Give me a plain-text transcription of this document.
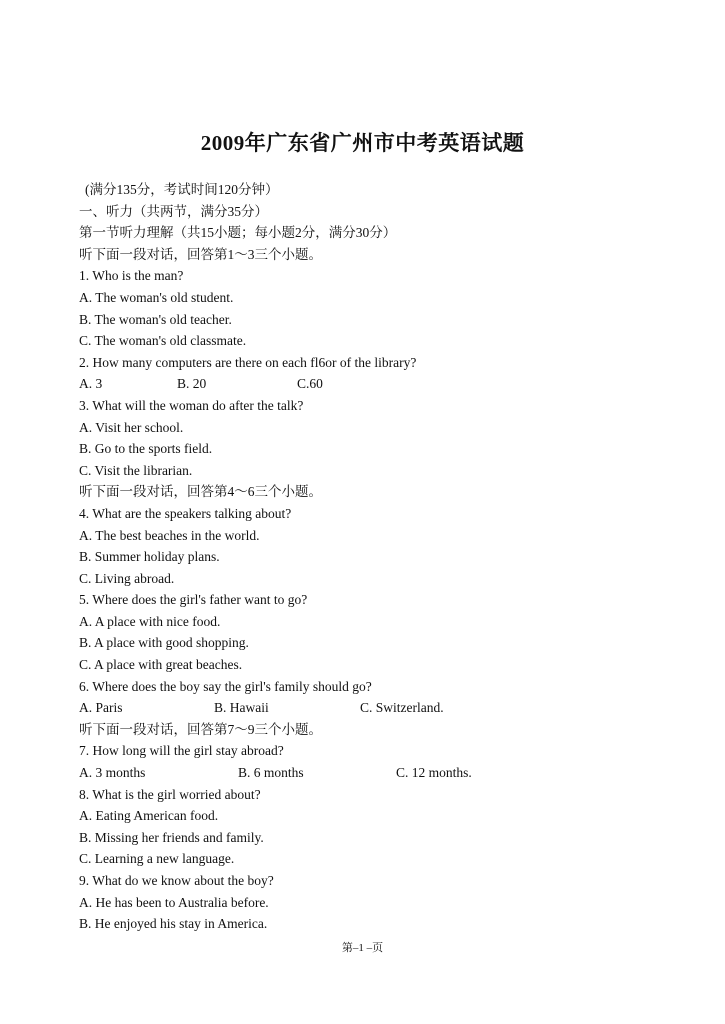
2009年广东省广州市中考英语试题
(满分135分，考试时间120分钟）
一、听力（共两节，满分35分）
第一节听力理解（共15小题；每小题2分，满分30分）
听下面一段对话，回答第1～3三个小题。
1. Who is the man?
A. The woman's old student.
B. The woman's old teacher.
C. The woman's old classmate.
2. How many computers are there on each fl6or of the library?
A. 3	B. 20	C.60
3. What will the woman do after the talk?
A. Visit her school.
B. Go to the sports field.
C. Visit the librarian.
听下面一段对话，回答第4～6三个小题。
4. What are the speakers talking about?
A. The best beaches in the world.
B. Summer holiday plans.
C. Living abroad.
5. Where does the girl's father want to go?
A. A place with nice food.
B. A place with good shopping.
C. A place with great beaches.
6. Where does the boy say the girl's family should go?
A. Paris	B. Hawaii	C. Switzerland.
听下面一段对话，回答第7～9三个小题。
7. How long will the girl stay abroad?
A. 3 months	B. 6 months	C. 12 months.
8. What is the girl worried about?
A. Eating American food.
B. Missing her friends and family.
C. Learning a new language.
9. What do we know about the boy?
A. He has been to Australia before.
B. He enjoyed his stay in America.
第–1 –页
